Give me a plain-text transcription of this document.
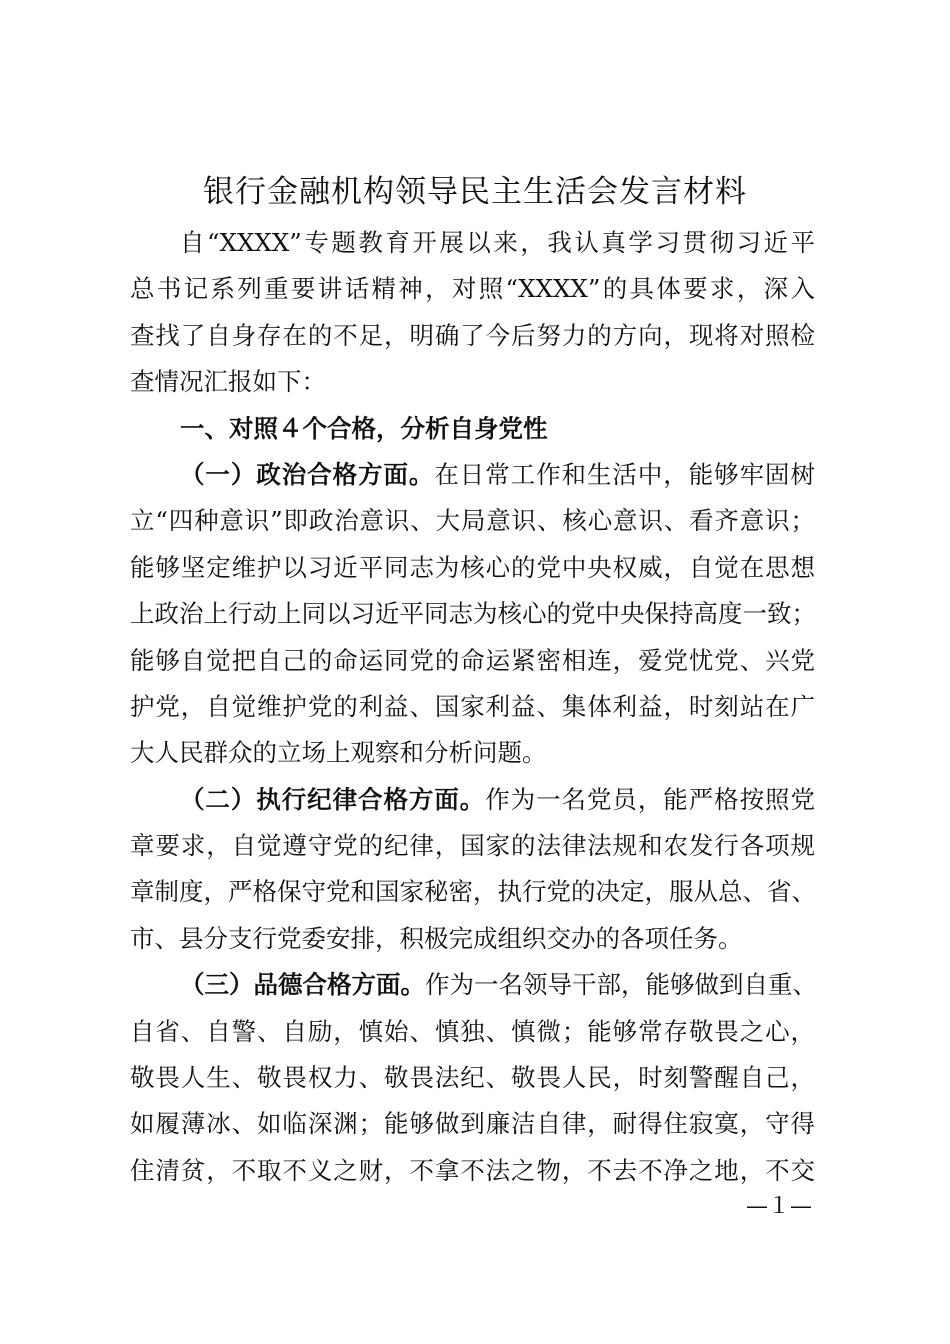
银行金融机构领导民主生活会发言材料
自“XXXX”专题教育开展以来，我认真学习贯彻习近平
总书记系列重要讲话精神，对照“XXXX”的具体要求，深入
查找了自身存在的不足，明确了今后努力的方向，现将对照检
查情况汇报如下：
一、对照４个合格，分析自身党性
（一）政治合格方面。在日常工作和生活中，能够牢固树
立“四种意识”即政治意识、大局意识、核心意识、看齐意识；
能够坚定维护以习近平同志为核心的党中央权威，自觉在思想
上政治上行动上同以习近平同志为核心的党中央保持高度一致；
能够自觉把自己的命运同党的命运紧密相连，爱党忧党、兴党
护党，自觉维护党的利益、国家利益、集体利益，时刻站在广
大人民群众的立场上观察和分析问题。
（二）执行纪律合格方面。作为一名党员，能严格按照党
章要求，自觉遵守党的纪律，国家的法律法规和农发行各项规
章制度，严格保守党和国家秘密，执行党的决定，服从总、省、
市、县分支行党委安排，积极完成组织交办的各项任务。
（三）品德合格方面。作为一名领导干部，能够做到自重、
自省、自警、自励，慎始、慎独、慎微；能够常存敬畏之心，
敬畏人生、敬畏权力、敬畏法纪、敬畏人民，时刻警醒自己，
如履薄冰、如临深渊；能够做到廉洁自律，耐得住寂寞，守得
住清贫，不取不义之财，不拿不法之物，不去不净之地，不交
—１—
